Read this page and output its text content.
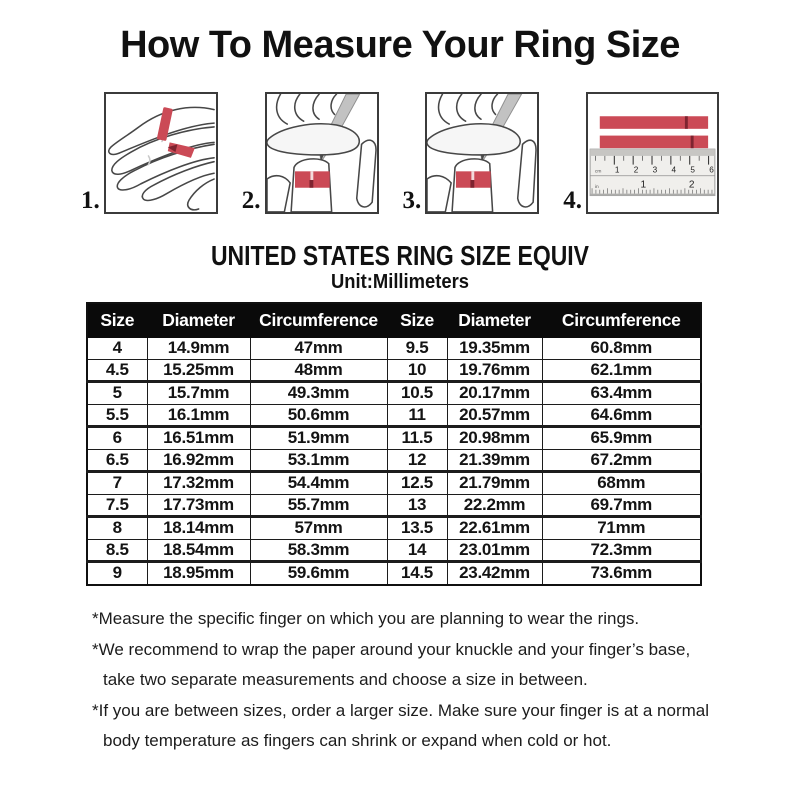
How To Measure Your Ring Size
1.	2.	3.	4.
cm 1 2 3 4 5 6
in	1	2
UNITED STATES RING SIZE EQUIV
Unit:Millimeters
Size	Diameter	Circumference	Size	Diameter	Circumference
4	14.9mm	47mm	9.5	19.35mm	60.8mm
4.5	15.25mm	48mm	10	19.76mm	62.1mm
5	15.7mm	49.3mm	10.5	20.17mm	63.4mm
5.5	16.1mm	50.6mm	11	20.57mm	64.6mm
6	16.51mm	51.9mm	11.5	20.98mm	65.9mm
6.5	16.92mm	53.1mm	12	21.39mm	67.2mm
7	17.32mm	54.4mm	12.5	21.79mm	68mm
7.5	17.73mm	55.7mm	13	22.2mm	69.7mm
8	18.14mm	57mm	13.5	22.61mm	71mm
8.5	18.54mm	58.3mm	14	23.01mm	72.3mm
9	18.95mm	59.6mm	14.5	23.42mm	73.6mm
*Measure the specific finger on which you are planning to wear the rings.
*We recommend to wrap the paper around your knuckle and your finger’s base,
take two separate measurements and choose a size in between.
*If you are between sizes, order a larger size. Make sure your finger is at a normal
body temperature as fingers can shrink or expand when cold or hot.
